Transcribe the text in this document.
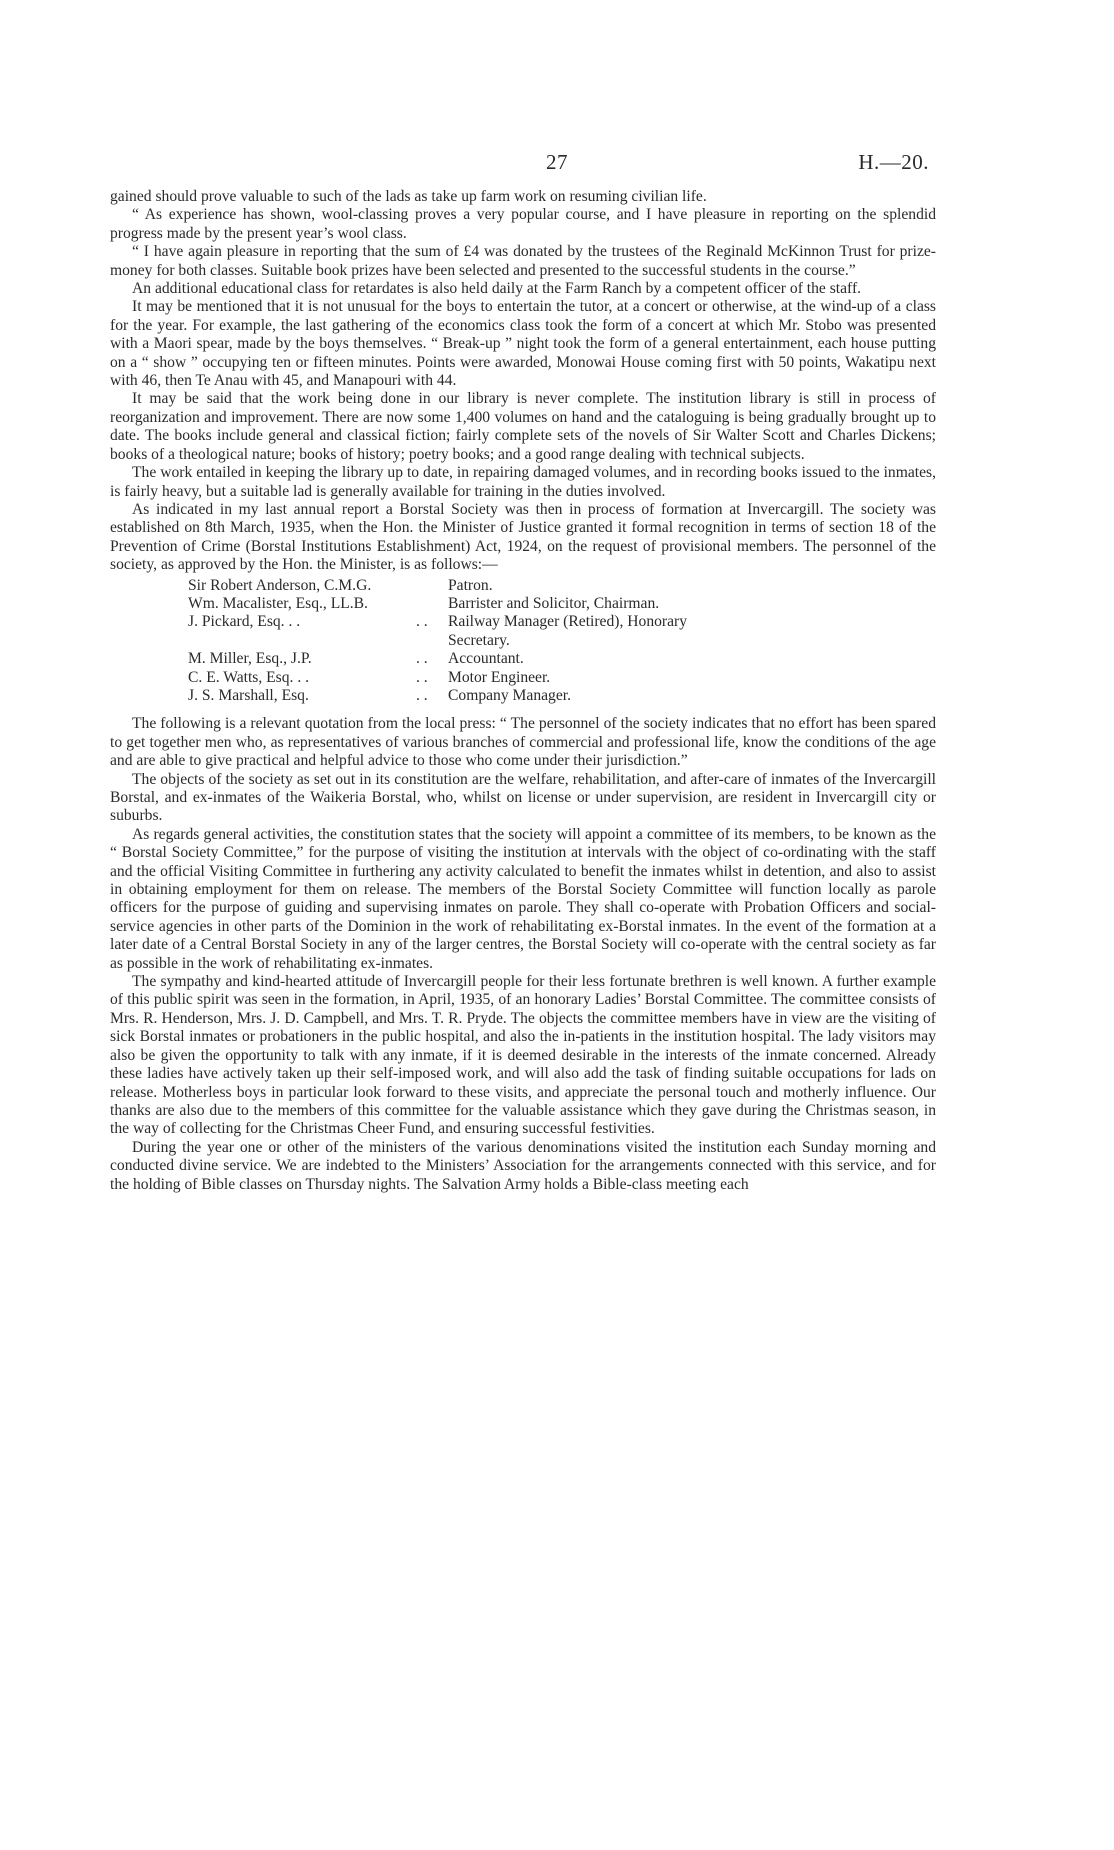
27	H.—20.

gained should prove valuable to such of the lads as take up farm work on resuming civilian life.

“ As experience has shown, wool-classing proves a very popular course, and I have pleasure in reporting on the splendid progress made by the present year’s wool class.

“ I have again pleasure in reporting that the sum of £4 was donated by the trustees of the Reginald McKinnon Trust for prize-money for both classes. Suitable book prizes have been selected and presented to the successful students in the course.”

An additional educational class for retardates is also held daily at the Farm Ranch by a competent officer of the staff.

It may be mentioned that it is not unusual for the boys to entertain the tutor, at a concert or otherwise, at the wind-up of a class for the year. For example, the last gathering of the economics class took the form of a concert at which Mr. Stobo was presented with a Maori spear, made by the boys themselves. “ Break-up ” night took the form of a general entertainment, each house putting on a “ show ” occupying ten or fifteen minutes. Points were awarded, Monowai House coming first with 50 points, Wakatipu next with 46, then Te Anau with 45, and Manapouri with 44.

It may be said that the work being done in our library is never complete. The institution library is still in process of reorganization and improvement. There are now some 1,400 volumes on hand and the cataloguing is being gradually brought up to date. The books include general and classical fiction; fairly complete sets of the novels of Sir Walter Scott and Charles Dickens; books of a theological nature; books of history; poetry books; and a good range dealing with technical subjects.

The work entailed in keeping the library up to date, in repairing damaged volumes, and in recording books issued to the inmates, is fairly heavy, but a suitable lad is generally available for training in the duties involved.

As indicated in my last annual report a Borstal Society was then in process of formation at Invercargill. The society was established on 8th March, 1935, when the Hon. the Minister of Justice granted it formal recognition in terms of section 18 of the Prevention of Crime (Borstal Institutions Establishment) Act, 1924, on the request of provisional members. The personnel of the society, as approved by the Hon. the Minister, is as follows:—

Sir Robert Anderson, C.M.G.	Patron.
Wm. Macalister, Esq., LL.B.	Barrister and Solicitor, Chairman.
J. Pickard, Esq. . .	. .	Railway Manager (Retired), Honorary Secretary.
M. Miller, Esq., J.P.	. .	Accountant.
C. E. Watts, Esq. . .	. .	Motor Engineer.
J. S. Marshall, Esq.	. .	Company Manager.

The following is a relevant quotation from the local press: “ The personnel of the society indicates that no effort has been spared to get together men who, as representatives of various branches of commercial and professional life, know the conditions of the age and are able to give practical and helpful advice to those who come under their jurisdiction.”

The objects of the society as set out in its constitution are the welfare, rehabilitation, and after-care of inmates of the Invercargill Borstal, and ex-inmates of the Waikeria Borstal, who, whilst on license or under supervision, are resident in Invercargill city or suburbs.

As regards general activities, the constitution states that the society will appoint a committee of its members, to be known as the “ Borstal Society Committee,” for the purpose of visiting the institution at intervals with the object of co-ordinating with the staff and the official Visiting Committee in furthering any activity calculated to benefit the inmates whilst in detention, and also to assist in obtaining employment for them on release. The members of the Borstal Society Committee will function locally as parole officers for the purpose of guiding and supervising inmates on parole. They shall co-operate with Probation Officers and social-service agencies in other parts of the Dominion in the work of rehabilitating ex-Borstal inmates. In the event of the formation at a later date of a Central Borstal Society in any of the larger centres, the Borstal Society will co-operate with the central society as far as possible in the work of rehabilitating ex-inmates.

The sympathy and kind-hearted attitude of Invercargill people for their less fortunate brethren is well known. A further example of this public spirit was seen in the formation, in April, 1935, of an honorary Ladies’ Borstal Committee. The committee consists of Mrs. R. Henderson, Mrs. J. D. Campbell, and Mrs. T. R. Pryde. The objects the committee members have in view are the visiting of sick Borstal inmates or probationers in the public hospital, and also the in-patients in the institution hospital. The lady visitors may also be given the opportunity to talk with any inmate, if it is deemed desirable in the interests of the inmate concerned. Already these ladies have actively taken up their self-imposed work, and will also add the task of finding suitable occupations for lads on release. Motherless boys in particular look forward to these visits, and appreciate the personal touch and motherly influence. Our thanks are also due to the members of this committee for the valuable assistance which they gave during the Christmas season, in the way of collecting for the Christmas Cheer Fund, and ensuring successful festivities.

During the year one or other of the ministers of the various denominations visited the institution each Sunday morning and conducted divine service. We are indebted to the Ministers’ Association for the arrangements connected with this service, and for the holding of Bible classes on Thursday nights. The Salvation Army holds a Bible-class meeting each
